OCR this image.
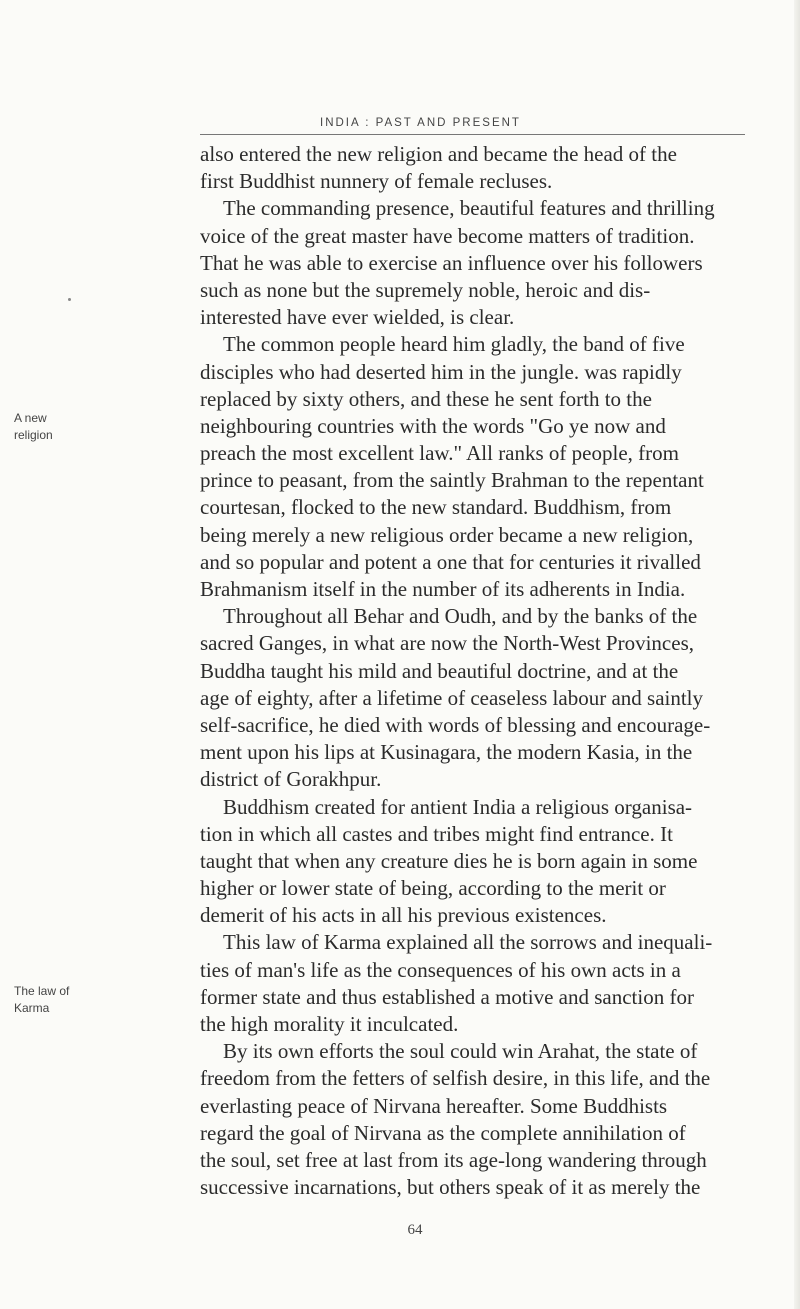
INDIA : PAST AND PRESENT
A new
religion
The law of
Karma
also entered the new religion and became the head of the
first Buddhist nunnery of female recluses.
The commanding presence, beautiful features and thrilling
voice of the great master have become matters of tradition.
That he was able to exercise an influence over his followers
such as none but the supremely noble, heroic and dis-
interested have ever wielded, is clear.
The common people heard him gladly, the band of five
disciples who had deserted him in the jungle. was rapidly
replaced by sixty others, and these he sent forth to the
neighbouring countries with the words "Go ye now and
preach the most excellent law." All ranks of people, from
prince to peasant, from the saintly Brahman to the repentant
courtesan, flocked to the new standard. Buddhism, from
being merely a new religious order became a new religion,
and so popular and potent a one that for centuries it rivalled
Brahmanism itself in the number of its adherents in India.
Throughout all Behar and Oudh, and by the banks of the
sacred Ganges, in what are now the North-West Provinces,
Buddha taught his mild and beautiful doctrine, and at the
age of eighty, after a lifetime of ceaseless labour and saintly
self-sacrifice, he died with words of blessing and encourage-
ment upon his lips at Kusinagara, the modern Kasia, in the
district of Gorakhpur.
Buddhism created for antient India a religious organisa-
tion in which all castes and tribes might find entrance. It
taught that when any creature dies he is born again in some
higher or lower state of being, according to the merit or
demerit of his acts in all his previous existences.
This law of Karma explained all the sorrows and inequali-
ties of man's life as the consequences of his own acts in a
former state and thus established a motive and sanction for
the high morality it inculcated.
By its own efforts the soul could win Arahat, the state of
freedom from the fetters of selfish desire, in this life, and the
everlasting peace of Nirvana hereafter. Some Buddhists
regard the goal of Nirvana as the complete annihilation of
the soul, set free at last from its age-long wandering through
successive incarnations, but others speak of it as merely the
64
